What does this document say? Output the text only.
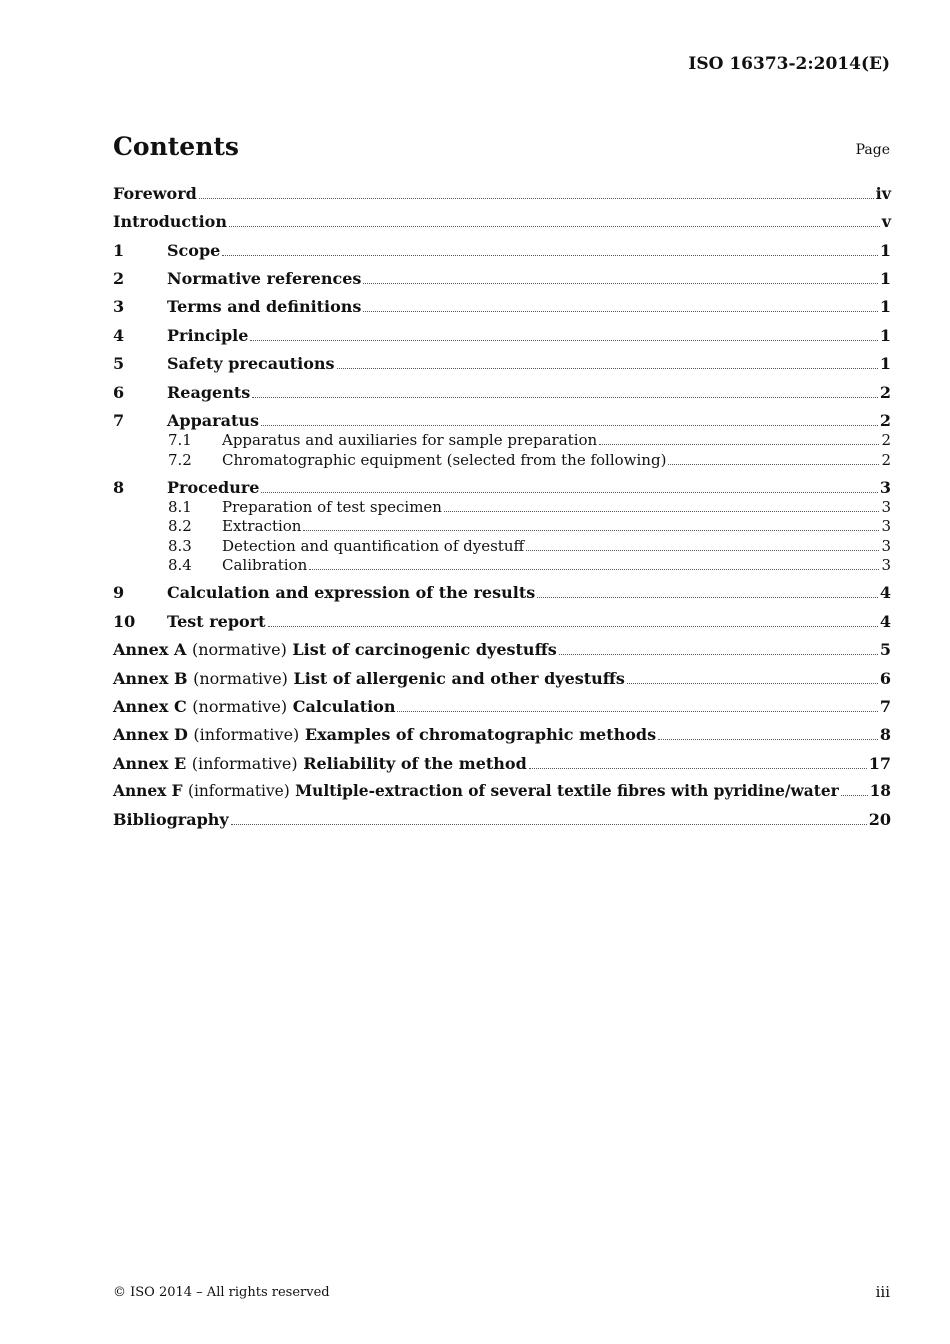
ISO 16373-2:2014(E)
Contents	Page
Foreword	iv
Introduction	v
1	Scope	1
2	Normative references	1
3	Terms and definitions	1
4	Principle	1
5	Safety precautions	1
6	Reagents	2
7	Apparatus	2
7.1	Apparatus and auxiliaries for sample preparation	2
7.2	Chromatographic equipment (selected from the following)	2
8	Procedure	3
8.1	Preparation of test specimen	3
8.2	Extraction	3
8.3	Detection and quantification of dyestuff	3
8.4	Calibration	3
9	Calculation and expression of the results	4
10	Test report	4
Annex A (normative) List of carcinogenic dyestuffs	5
Annex B (normative) List of allergenic and other dyestuffs	6
Annex C (normative) Calculation	7
Annex D (informative) Examples of chromatographic methods	8
Annex E (informative) Reliability of the method	17
Annex F (informative) Multiple-extraction of several textile fibres with pyridine/water 18
Bibliography	20
© ISO 2014 – All rights reserved	iii
